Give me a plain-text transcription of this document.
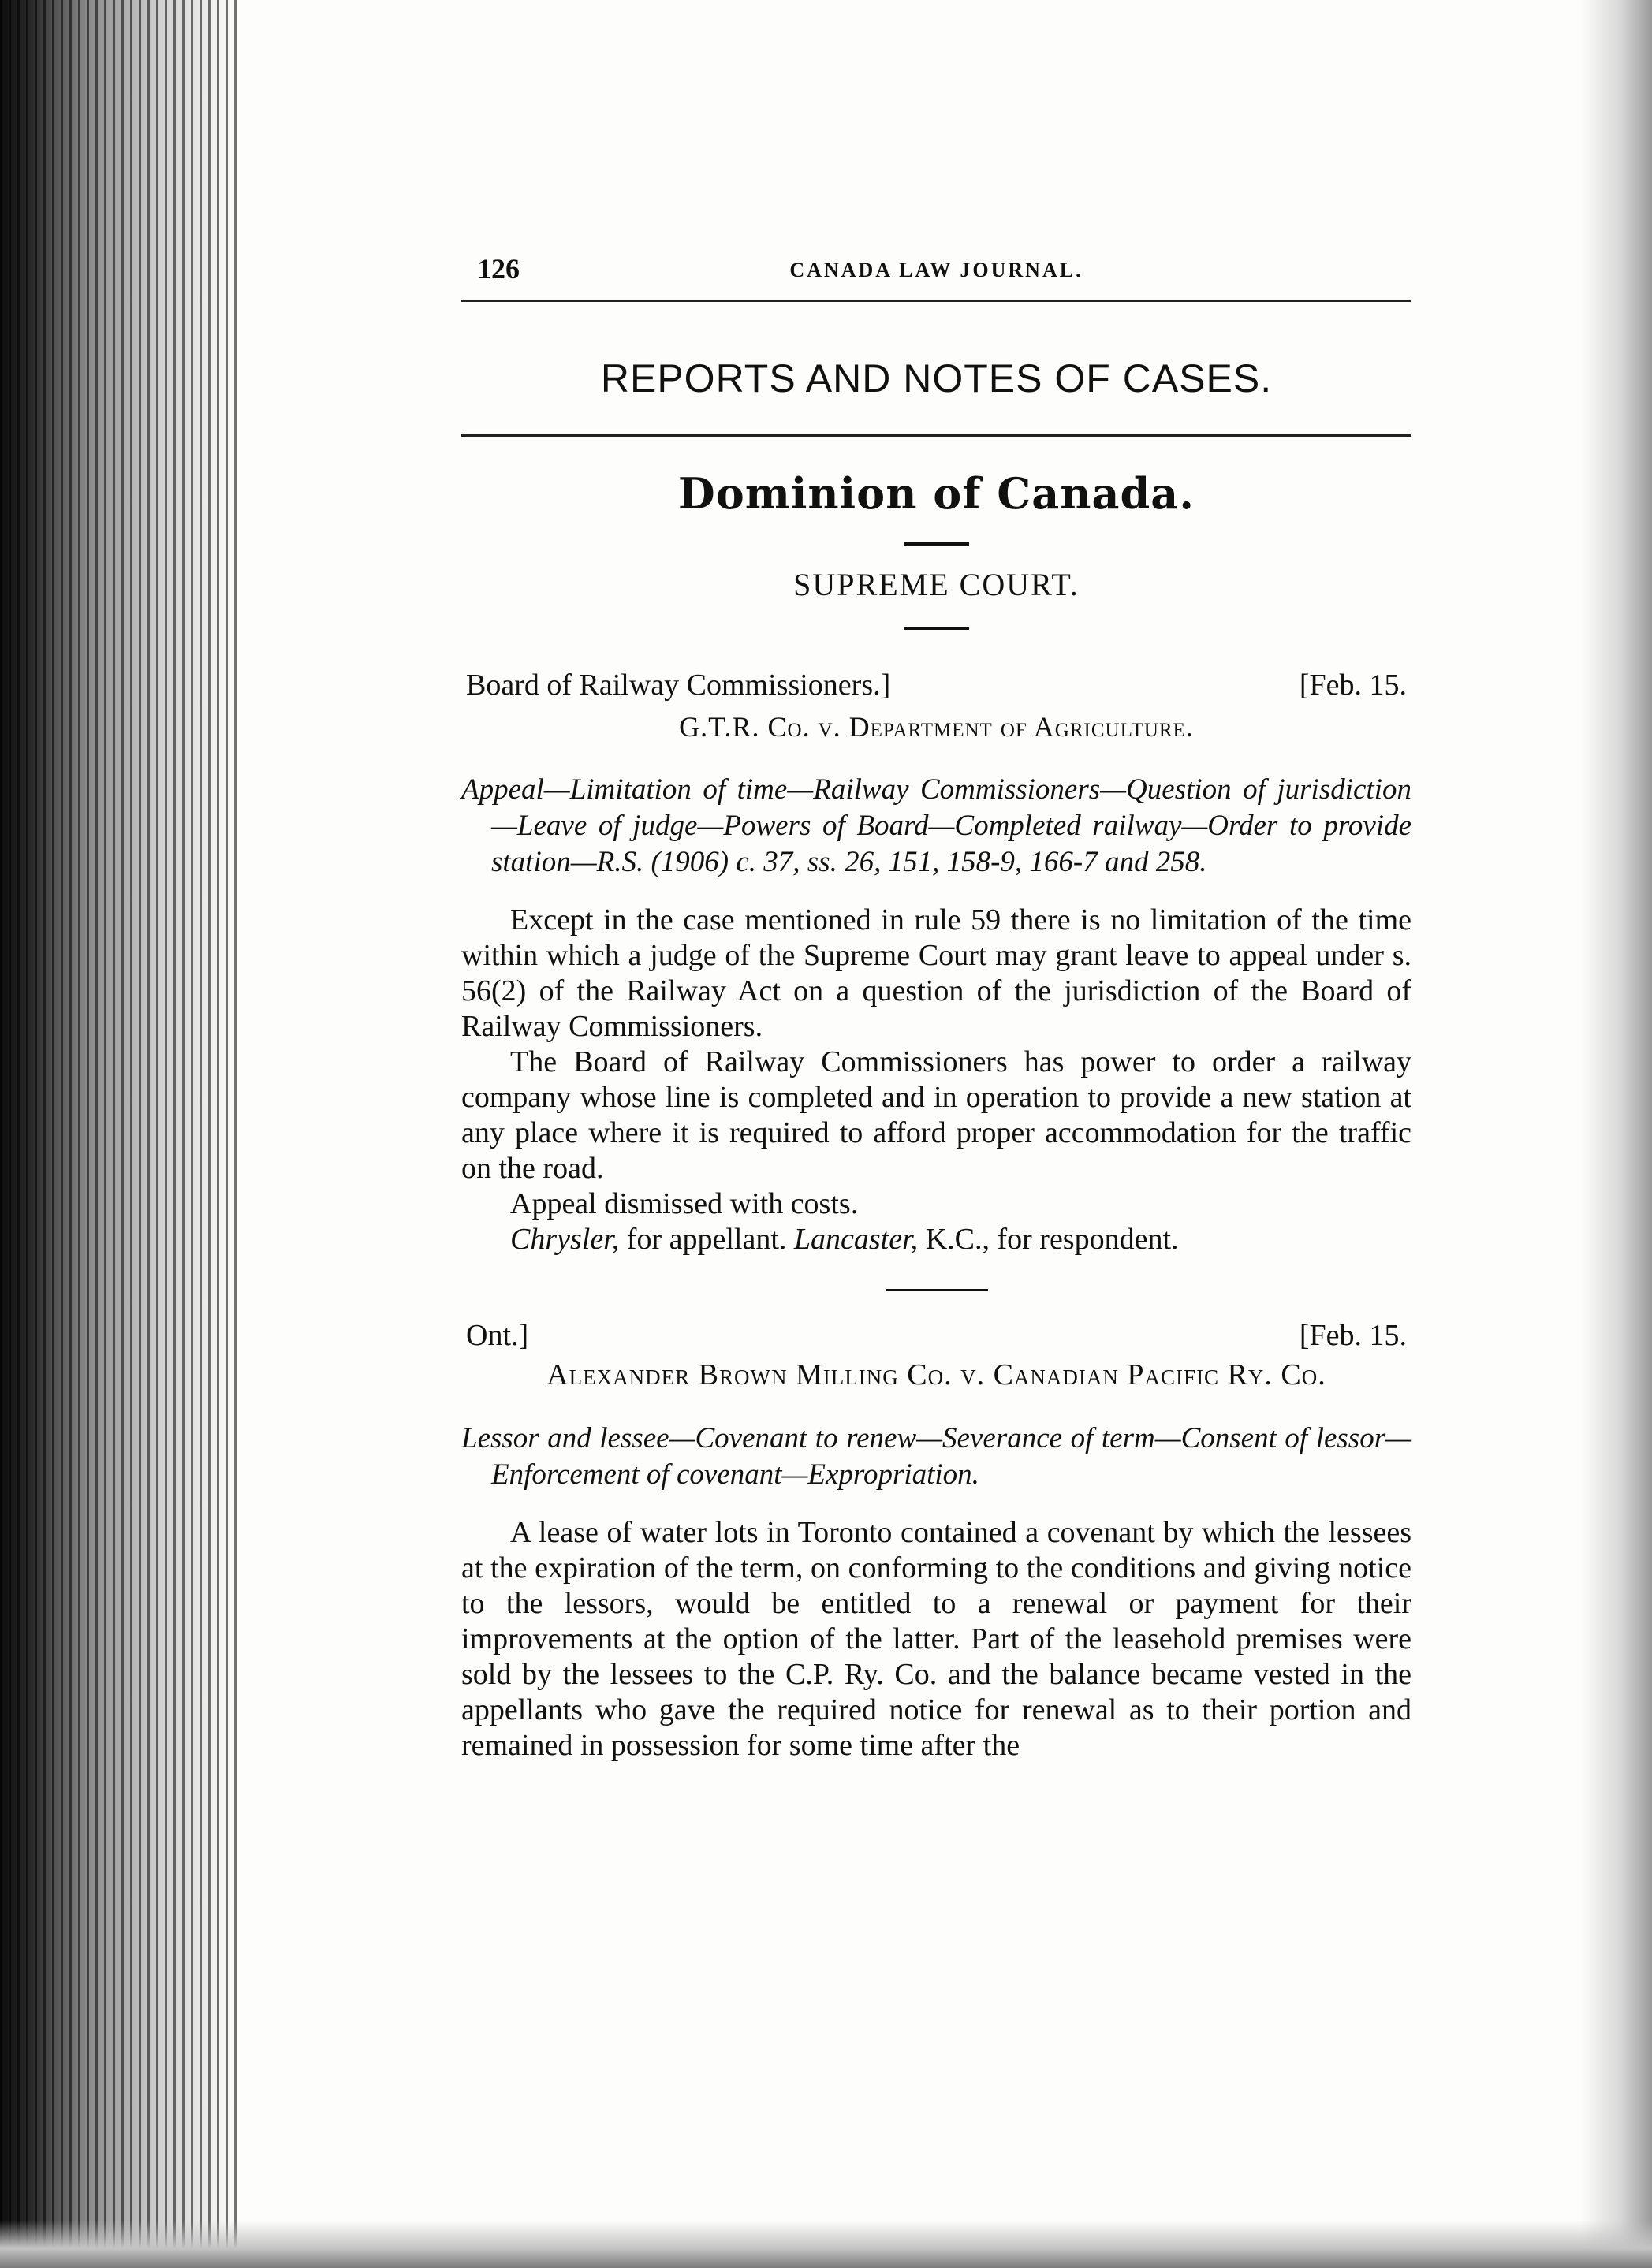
126	CANADA LAW JOURNAL.
REPORTS AND NOTES OF CASES.
Dominion of Canada.
SUPREME COURT.
Board of Railway Commissioners.]	[Feb. 15.
G.T.R. Co. v. Department of Agriculture.
Appeal—Limitation of time—Railway Commissioners—Question of jurisdiction—Leave of judge—Powers of Board—Completed railway—Order to provide station—R.S. (1906) c. 37, ss. 26, 151, 158-9, 166-7 and 258.

Except in the case mentioned in rule 59 there is no limitation of the time within which a judge of the Supreme Court may grant leave to appeal under s. 56(2) of the Railway Act on a question of the jurisdiction of the Board of Railway Commissioners.

The Board of Railway Commissioners has power to order a railway company whose line is completed and in operation to provide a new station at any place where it is required to afford proper accommodation for the traffic on the road.

Appeal dismissed with costs.

Chrysler, for appellant. Lancaster, K.C., for respondent.
Ont.]	[Feb. 15.
Alexander Brown Milling Co. v. Canadian Pacific Ry. Co.
Lessor and lessee—Covenant to renew—Severance of term—Consent of lessor—Enforcement of covenant—Expropriation.

A lease of water lots in Toronto contained a covenant by which the lessees at the expiration of the term, on conforming to the conditions and giving notice to the lessors, would be entitled to a renewal or payment for their improvements at the option of the latter. Part of the leasehold premises were sold by the lessees to the C.P. Ry. Co. and the balance became vested in the appellants who gave the required notice for renewal as to their portion and remained in possession for some time after the
